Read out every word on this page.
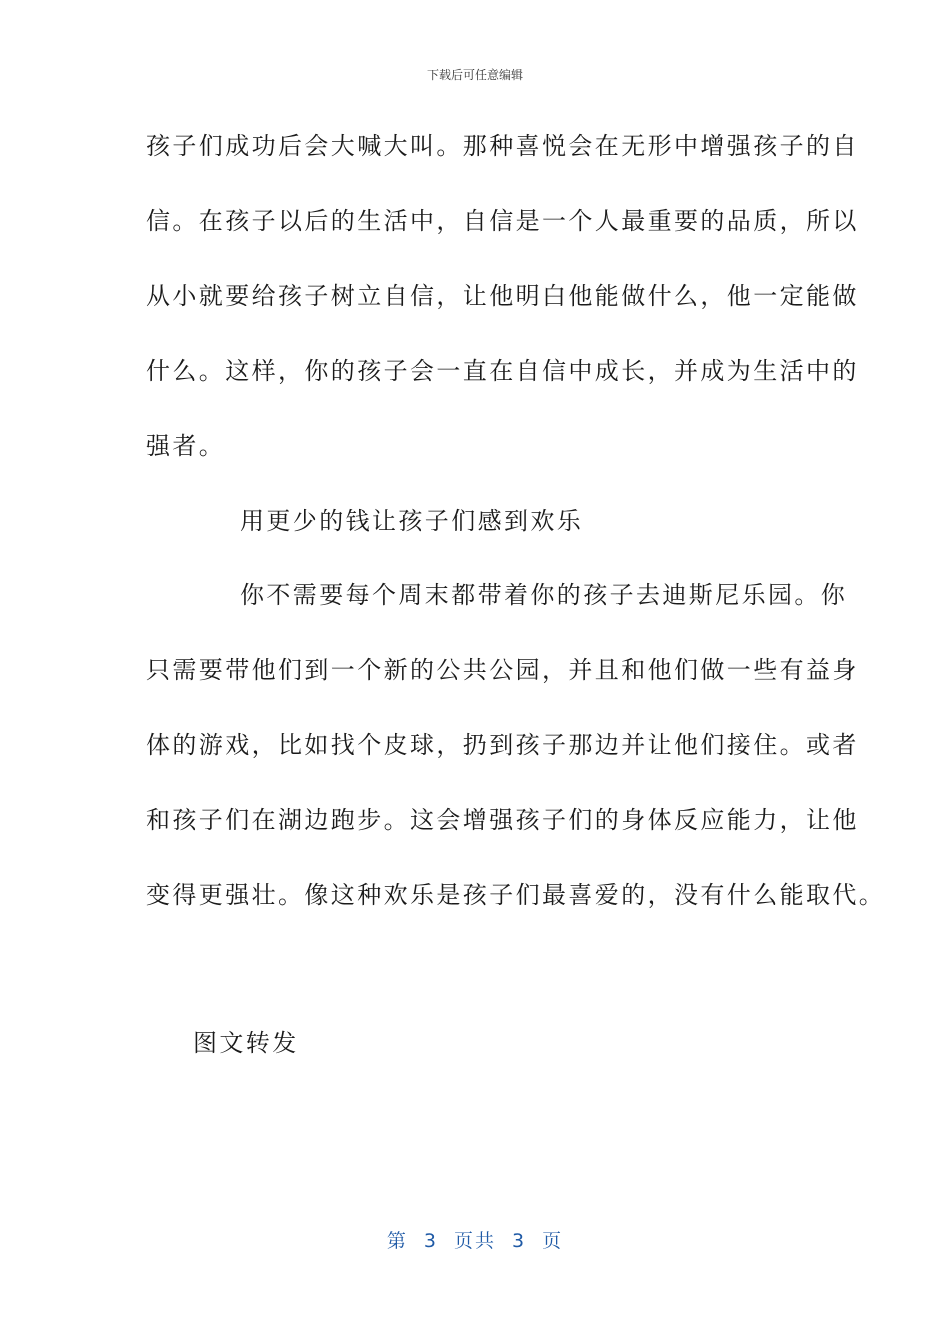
下载后可任意编辑
孩子们成功后会大喊大叫。那种喜悦会在无形中增强孩子的自
信。在孩子以后的生活中，自信是一个人最重要的品质，所以
从小就要给孩子树立自信，让他明白他能做什么，他一定能做
什么。这样，你的孩子会一直在自信中成长，并成为生活中的
强者。
用更少的钱让孩子们感到欢乐
你不需要每个周末都带着你的孩子去迪斯尼乐园。你
只需要带他们到一个新的公共公园，并且和他们做一些有益身
体的游戏，比如找个皮球，扔到孩子那边并让他们接住。或者
和孩子们在湖边跑步。这会增强孩子们的身体反应能力，让他
变得更强壮。像这种欢乐是孩子们最喜爱的，没有什么能取代。
图文转发
第 3 页共 3 页
